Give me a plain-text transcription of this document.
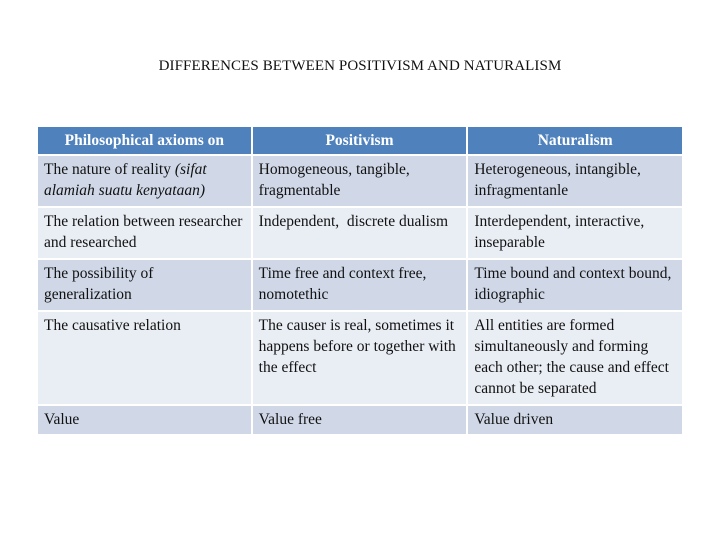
DIFFERENCES BETWEEN POSITIVISM AND NATURALISM
Philosophical axioms on	Positivism	Naturalism
The nature of reality (sifat alamiah suatu kenyataan)	Homogeneous, tangible, fragmentable	Heterogeneous, intangible, infragmentanle
The relation between researcher and researched	Independent,  discrete dualism	Interdependent, interactive, inseparable
The possibility of generalization	Time free and context free, nomotethic	Time bound and context bound, idiographic
The causative relation	The causer is real, sometimes it happens before or together with the effect	All entities are formed simultaneously and forming each other; the cause and effect cannot be separated
Value	Value free	Value driven
